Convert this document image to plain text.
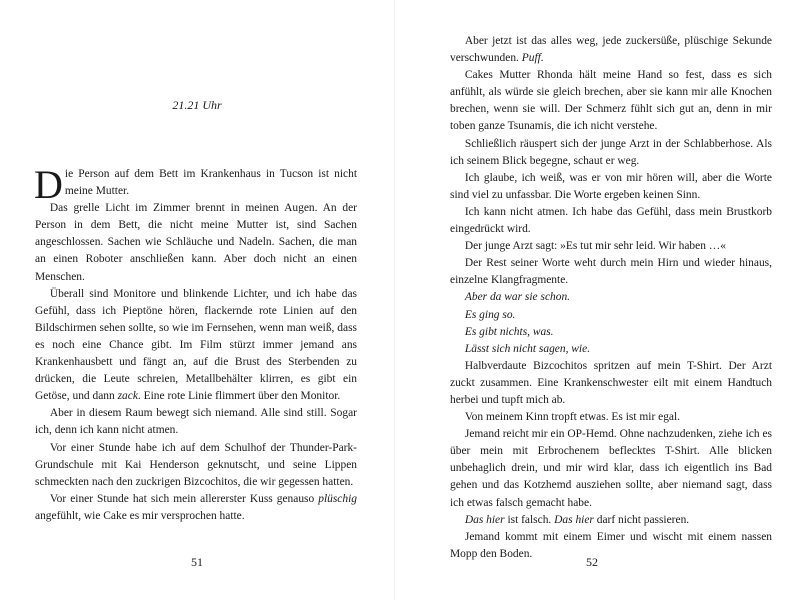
21.21 Uhr

Die Person auf dem Bett im Krankenhaus in Tucson ist nicht meine Mutter.

Das grelle Licht im Zimmer brennt in meinen Augen. An der Person in dem Bett, die nicht meine Mutter ist, sind Sachen angeschlossen. Sachen wie Schläuche und Nadeln. Sachen, die man an einen Roboter anschließen kann. Aber doch nicht an einen Menschen.

Überall sind Monitore und blinkende Lichter, und ich habe das Gefühl, dass ich Pieptöne hören, flackernde rote Linien auf den Bildschirmen sehen sollte, so wie im Fernsehen, wenn man weiß, dass es noch eine Chance gibt. Im Film stürzt immer jemand ans Krankenhausbett und fängt an, auf die Brust des Sterbenden zu drücken, die Leute schreien, Metallbehälter klirren, es gibt ein Getöse, und dann zack. Eine rote Linie flimmert über den Monitor.

Aber in diesem Raum bewegt sich niemand. Alle sind still. Sogar ich, denn ich kann nicht atmen.

Vor einer Stunde habe ich auf dem Schulhof der Thunder-Park-Grundschule mit Kai Henderson geknutscht, und seine Lippen schmeckten nach den zuckrigen Bizcochitos, die wir gegessen hatten.

Vor einer Stunde hat sich mein allererster Kuss genauso plüschig angefühlt, wie Cake es mir versprochen hatte.

51

Aber jetzt ist das alles weg, jede zuckersüße, plüschige Sekunde verschwunden. Puff.

Cakes Mutter Rhonda hält meine Hand so fest, dass es sich anfühlt, als würde sie gleich brechen, aber sie kann mir alle Knochen brechen, wenn sie will. Der Schmerz fühlt sich gut an, denn in mir toben ganze Tsunamis, die ich nicht verstehe.

Schließlich räuspert sich der junge Arzt in der Schlabberhose. Als ich seinem Blick begegne, schaut er weg.

Ich glaube, ich weiß, was er von mir hören will, aber die Worte sind viel zu unfassbar. Die Worte ergeben keinen Sinn.

Ich kann nicht atmen. Ich habe das Gefühl, dass mein Brustkorb eingedrückt wird.

Der junge Arzt sagt: »Es tut mir sehr leid. Wir haben …«

Der Rest seiner Worte weht durch mein Hirn und wieder hinaus, einzelne Klangfragmente.

Aber da war sie schon.

Es ging so.

Es gibt nichts, was.

Lässt sich nicht sagen, wie.

Halbverdaute Bizcochitos spritzen auf mein T-Shirt. Der Arzt zuckt zusammen. Eine Krankenschwester eilt mit einem Handtuch herbei und tupft mich ab.

Von meinem Kinn tropft etwas. Es ist mir egal.

Jemand reicht mir ein OP-Hemd. Ohne nachzudenken, ziehe ich es über mein mit Erbrochenem beflecktes T-Shirt. Alle blicken unbehaglich drein, und mir wird klar, dass ich eigentlich ins Bad gehen und das Kotzhemd ausziehen sollte, aber niemand sagt, dass ich etwas falsch gemacht habe.

Das hier ist falsch. Das hier darf nicht passieren.

Jemand kommt mit einem Eimer und wischt mit einem nassen Mopp den Boden.

52
